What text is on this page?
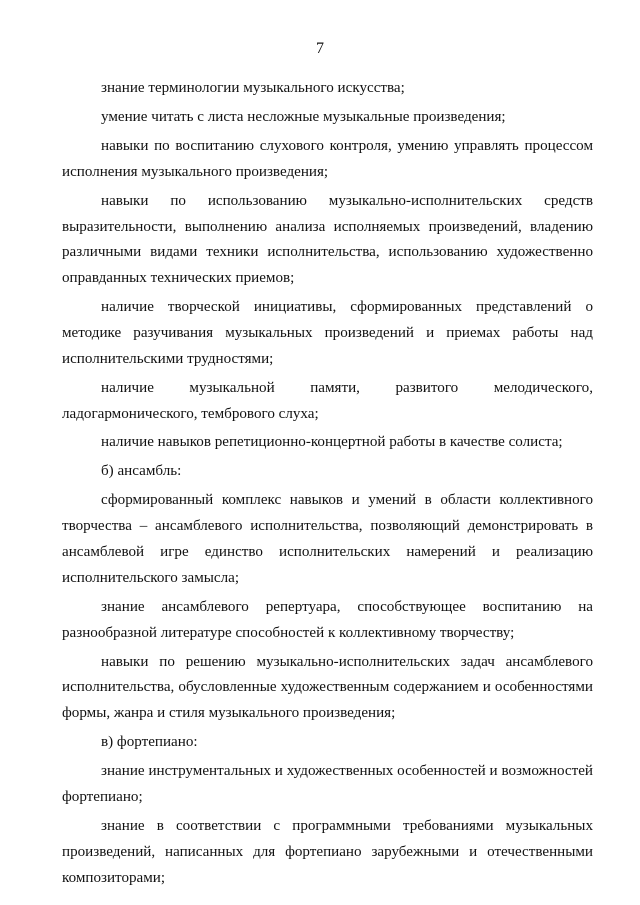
7

знание терминологии музыкального искусства;

умение читать с листа несложные музыкальные произведения;

навыки по воспитанию слухового контроля, умению управлять процессом исполнения музыкального произведения;

навыки по использованию музыкально-исполнительских средств выразительности, выполнению анализа исполняемых произведений, владению различными видами техники исполнительства, использованию художественно оправданных технических приемов;

наличие творческой инициативы, сформированных представлений о методике разучивания музыкальных произведений и приемах работы над исполнительскими трудностями;

наличие музыкальной памяти, развитого мелодического, ладогармонического, тембрового слуха;

наличие навыков репетиционно-концертной работы в качестве солиста;

б) ансамбль:

сформированный комплекс навыков и умений в области коллективного творчества – ансамблевого исполнительства, позволяющий демонстрировать в ансамблевой игре единство исполнительских намерений и реализацию исполнительского замысла;

знание ансамблевого репертуара, способствующее воспитанию на разнообразной литературе способностей к коллективному творчеству;

навыки по решению музыкально-исполнительских задач ансамблевого исполнительства, обусловленные художественным содержанием и особенностями формы, жанра и стиля музыкального произведения;

в) фортепиано:

знание инструментальных и художественных особенностей и возможностей фортепиано;

знание в соответствии с программными требованиями музыкальных произведений, написанных для фортепиано зарубежными и отечественными композиторами;
